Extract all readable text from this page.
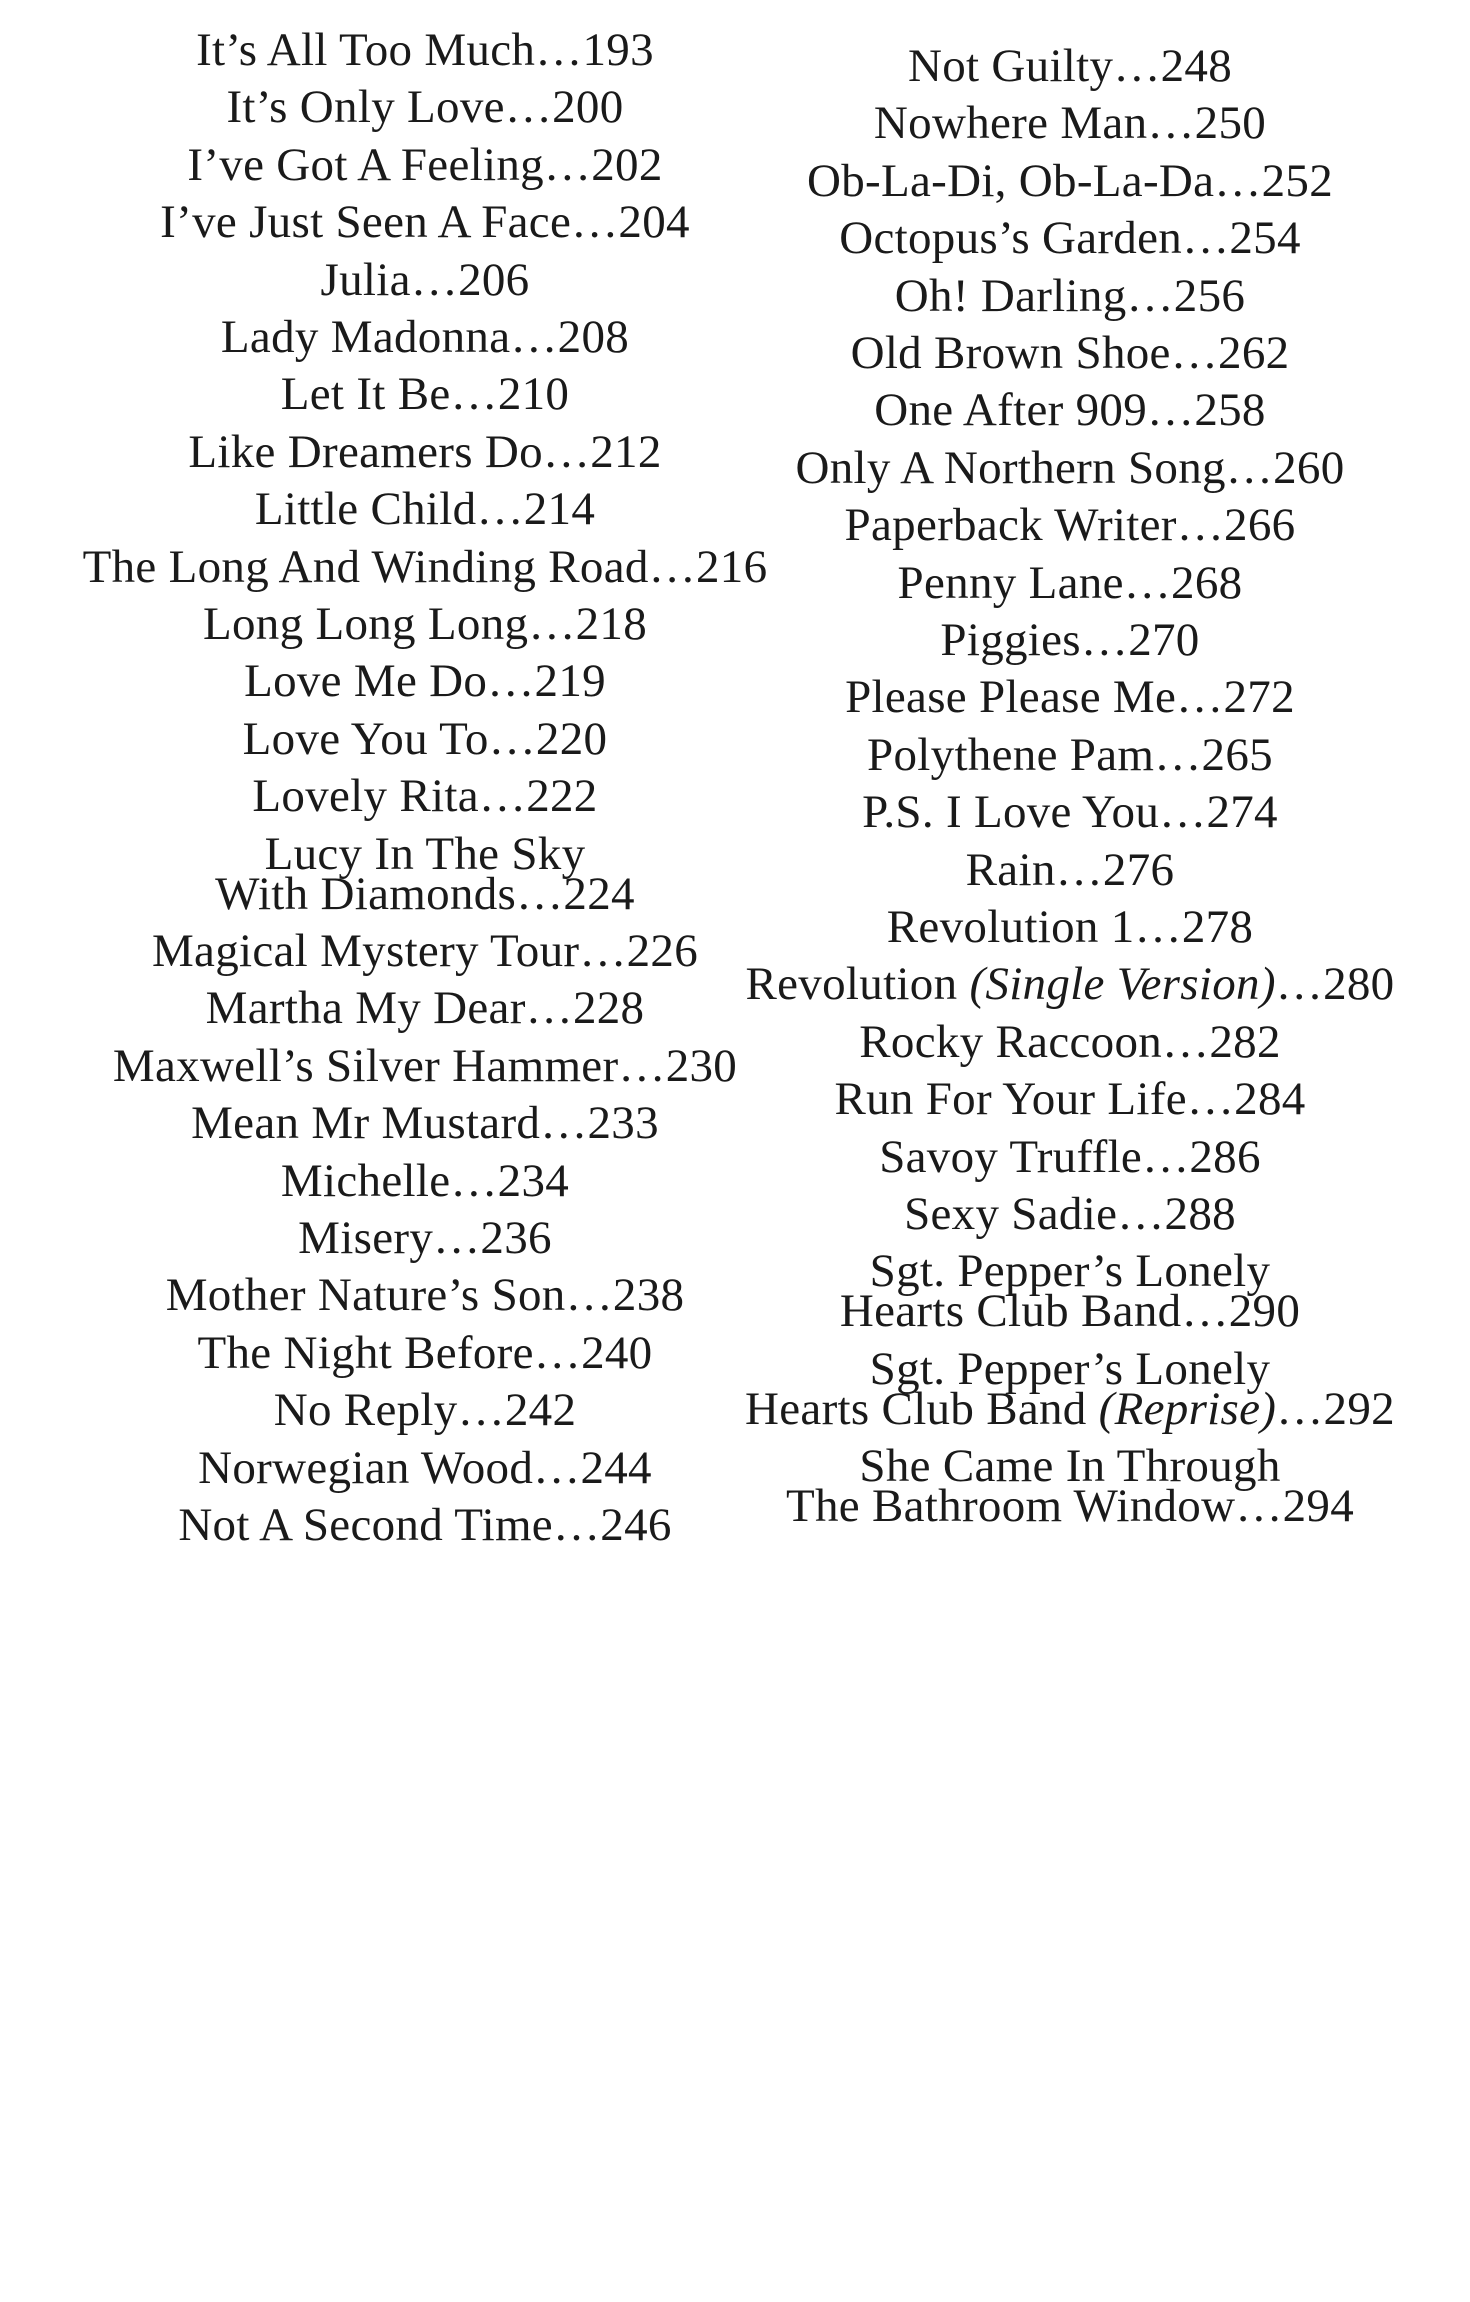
It’s All Too Much…193
It’s Only Love…200
I’ve Got A Feeling…202
I’ve Just Seen A Face…204
Julia…206
Lady Madonna…208
Let It Be…210
Like Dreamers Do…212
Little Child…214
The Long And Winding Road…216
Long Long Long…218
Love Me Do…219
Love You To…220
Lovely Rita…222
Lucy In The Sky
With Diamonds…224
Magical Mystery Tour…226
Martha My Dear…228
Maxwell’s Silver Hammer…230
Mean Mr Mustard…233
Michelle…234
Misery…236
Mother Nature’s Son…238
The Night Before…240
No Reply…242
Norwegian Wood…244
Not A Second Time…246
Not Guilty…248
Nowhere Man…250
Ob-La-Di, Ob-La-Da…252
Octopus’s Garden…254
Oh! Darling…256
Old Brown Shoe…262
One After 909…258
Only A Northern Song…260
Paperback Writer…266
Penny Lane…268
Piggies…270
Please Please Me…272
Polythene Pam…265
P.S. I Love You…274
Rain…276
Revolution 1…278
Revolution (Single Version)…280
Rocky Raccoon…282
Run For Your Life…284
Savoy Truffle…286
Sexy Sadie…288
Sgt. Pepper’s Lonely
Hearts Club Band…290
Sgt. Pepper’s Lonely
Hearts Club Band (Reprise)…292
She Came In Through
The Bathroom Window…294
